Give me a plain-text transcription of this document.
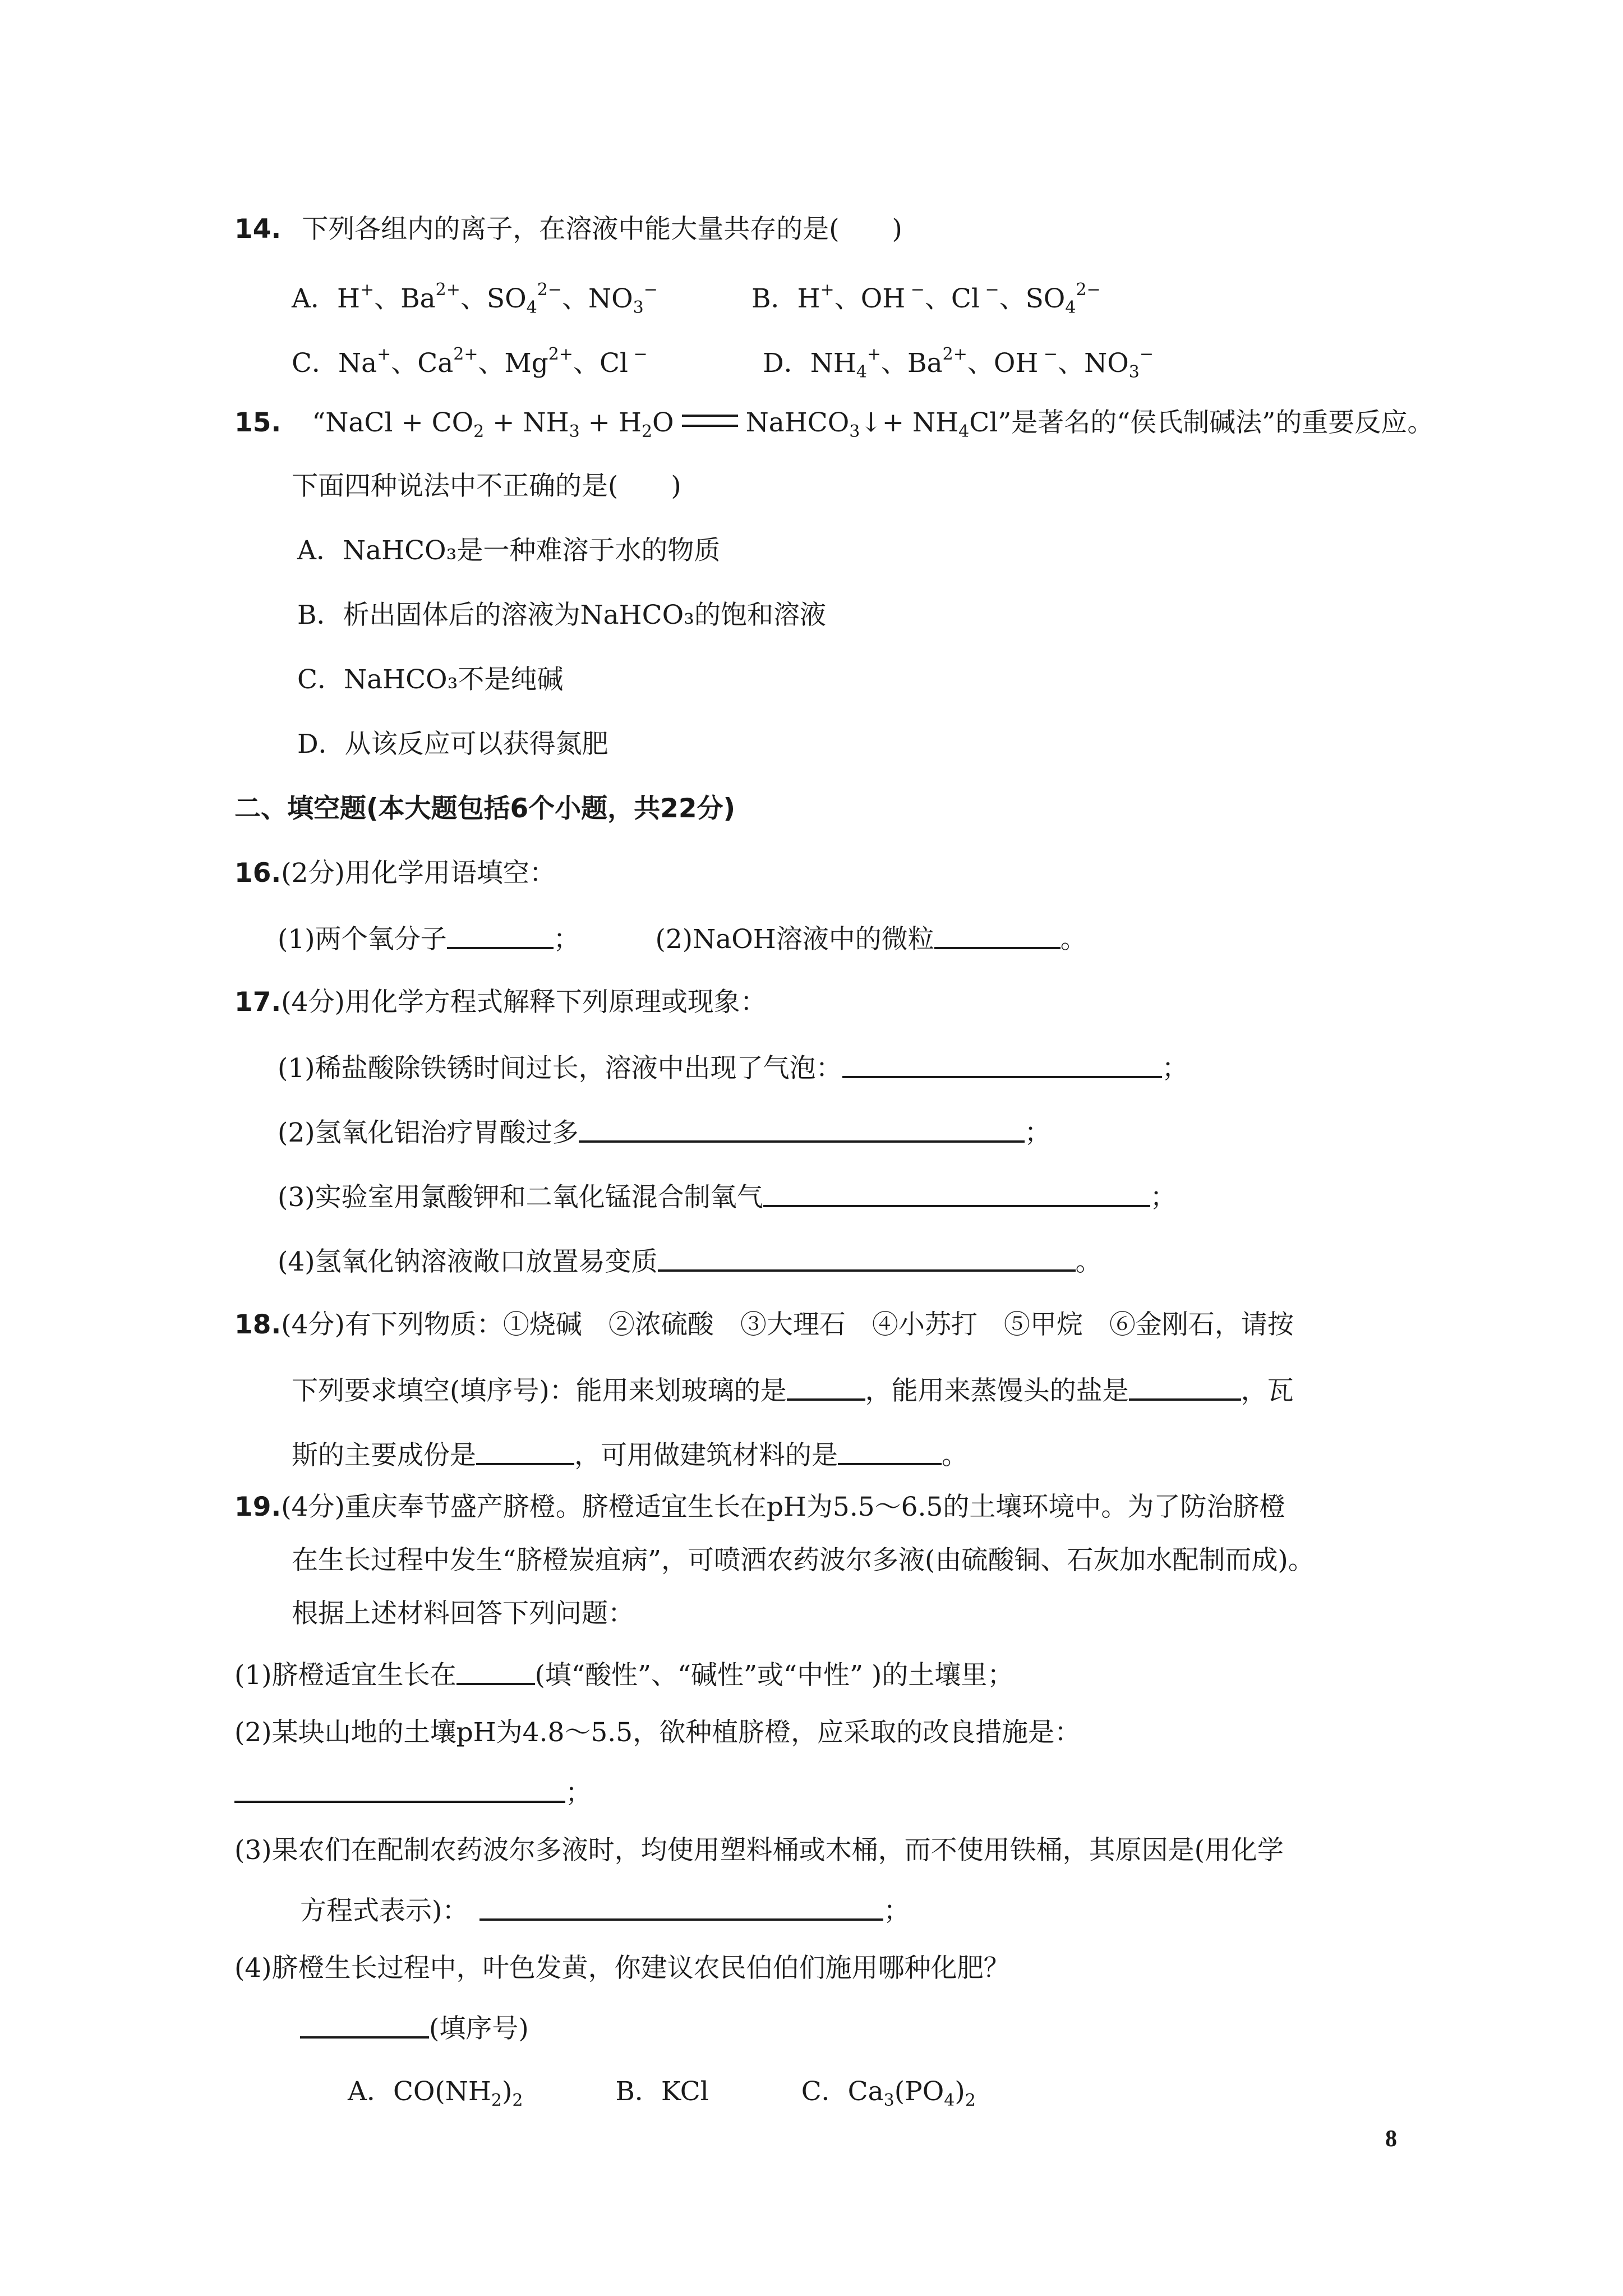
14. 下列各组内的离子，在溶液中能大量共存的是(　　)
A．H+、$Ba^{2+}$、$SO_4^{2-}$、$NO_3^-$	B．H+、OH −、Cl −、$SO_4^{2-}$
C．Na+、$Ca^{2+}$、$Mg^{2+}$、Cl −	D．$NH_4^+$、$Ba^{2+}$、OH −、$NO_3^-$
15. “NaCl + $CO_2 + NH_3 + H_2O$	NaHCO$_3$↓+ $NH_4Cl$”是著名的“侯氏制碱法”的重要反应。
下面四种说法中不正确的是(　　)
A．NaHCO₃是一种难溶于水的物质
B．析出固体后的溶液为NaHCO₃的饱和溶液
C．NaHCO₃不是纯碱
D．从该反应可以获得氮肥
二、填空题(本大题包括6个小题，共22分)
16.(2分)用化学用语填空：
(1)两个氧分子	；	(2)NaOH溶液中的微粒	。
17.(4分)用化学方程式解释下列原理或现象：
(1)稀盐酸除铁锈时间过长，溶液中出现了气泡：	；
(2)氢氧化铝治疗胃酸过多	；
(3)实验室用氯酸钾和二氧化锰混合制氧气	；
(4)氢氧化钠溶液敞口放置易变质	。
18.(4分)有下列物质：①烧碱　②浓硫酸　③大理石　④小苏打　⑤甲烷　⑥金刚石，请按
下列要求填空(填序号)：能用来划玻璃的是	，能用来蒸馒头的盐是	，瓦
斯的主要成份是	，可用做建筑材料的是	。
19.(4分)重庆奉节盛产脐橙。脐橙适宜生长在pH为5.5～6.5的土壤环境中。为了防治脐橙
在生长过程中发生“脐橙炭疽病”，可喷洒农药波尔多液(由硫酸铜、石灰加水配制而成)。
根据上述材料回答下列问题：
(1)脐橙适宜生长在	(填“酸性”、“碱性”或“中性” )的土壤里；
(2)某块山地的土壤pH为4.8～5.5，欲种植脐橙，应采取的改良措施是：
；
(3)果农们在配制农药波尔多液时，均使用塑料桶或木桶，而不使用铁桶，其原因是(用化学
方程式表示)：	；
(4)脐橙生长过程中，叶色发黄，你建议农民伯伯们施用哪种化肥？
(填序号)
A．$CO(NH_2)_2$	B．KCl	C．$Ca_3(PO_4)_2$
8
